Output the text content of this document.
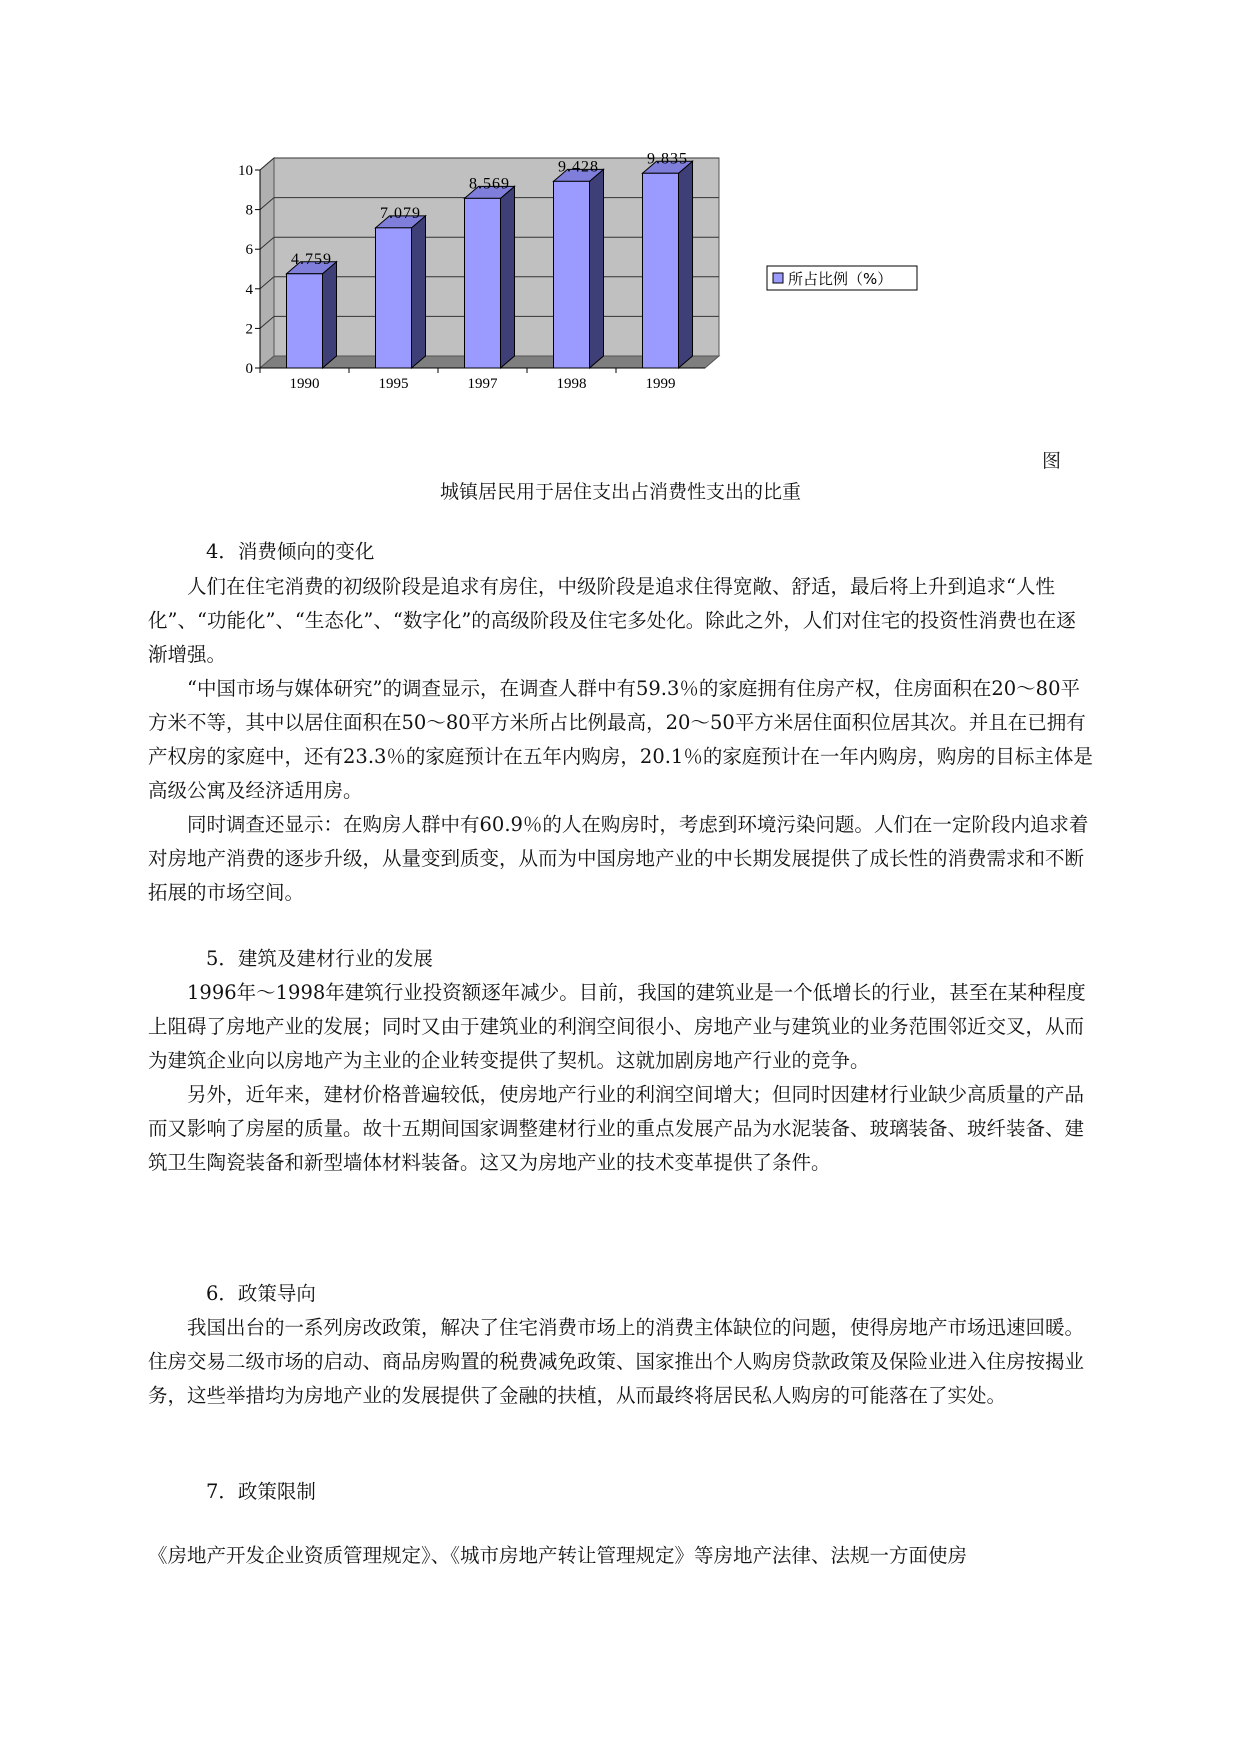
0
2
4
6
8
10
4.759
7.079
8.569
9.428	9.835
1990	1995	1997	1998	1999
所占比例（%）
图
城镇居民用于居住支出占消费性支出的比重
4．消费倾向的变化

人们在住宅消费的初级阶段是追求有房住，中级阶段是追求住得宽敞、舒适，最后将上升到追求“人性化”、“功能化”、“生态化”、“数字化”的高级阶段及住宅多处化。除此之外，人们对住宅的投资性消费也在逐渐增强。

“中国市场与媒体研究”的调查显示，在调查人群中有59.3％的家庭拥有住房产权，住房面积在20～80平方米不等，其中以居住面积在50～80平方米所占比例最高，20～50平方米居住面积位居其次。并且在已拥有产权房的家庭中，还有23.3％的家庭预计在五年内购房，20.1％的家庭预计在一年内购房，购房的目标主体是高级公寓及经济适用房。

同时调查还显示：在购房人群中有60.9％的人在购房时，考虑到环境污染问题。人们在一定阶段内追求着对房地产消费的逐步升级，从量变到质变，从而为中国房地产业的中长期发展提供了成长性的消费需求和不断拓展的市场空间。

5．建筑及建材行业的发展

1996年～1998年建筑行业投资额逐年减少。目前，我国的建筑业是一个低增长的行业，甚至在某种程度上阻碍了房地产业的发展；同时又由于建筑业的利润空间很小、房地产业与建筑业的业务范围邻近交叉，从而为建筑企业向以房地产为主业的企业转变提供了契机。这就加剧房地产行业的竞争。

另外，近年来，建材价格普遍较低，使房地产行业的利润空间增大；但同时因建材行业缺少高质量的产品而又影响了房屋的质量。故十五期间国家调整建材行业的重点发展产品为水泥装备、玻璃装备、玻纤装备、建筑卫生陶瓷装备和新型墙体材料装备。这又为房地产业的技术变革提供了条件。

6．政策导向

我国出台的一系列房改政策，解决了住宅消费市场上的消费主体缺位的问题，使得房地产市场迅速回暖。住房交易二级市场的启动、商品房购置的税费减免政策、国家推出个人购房贷款政策及保险业进入住房按揭业务，这些举措均为房地产业的发展提供了金融的扶植，从而最终将居民私人购房的可能落在了实处。

7．政策限制

《房地产开发企业资质管理规定》、《城市房地产转让管理规定》等房地产法律、法规一方面使房
